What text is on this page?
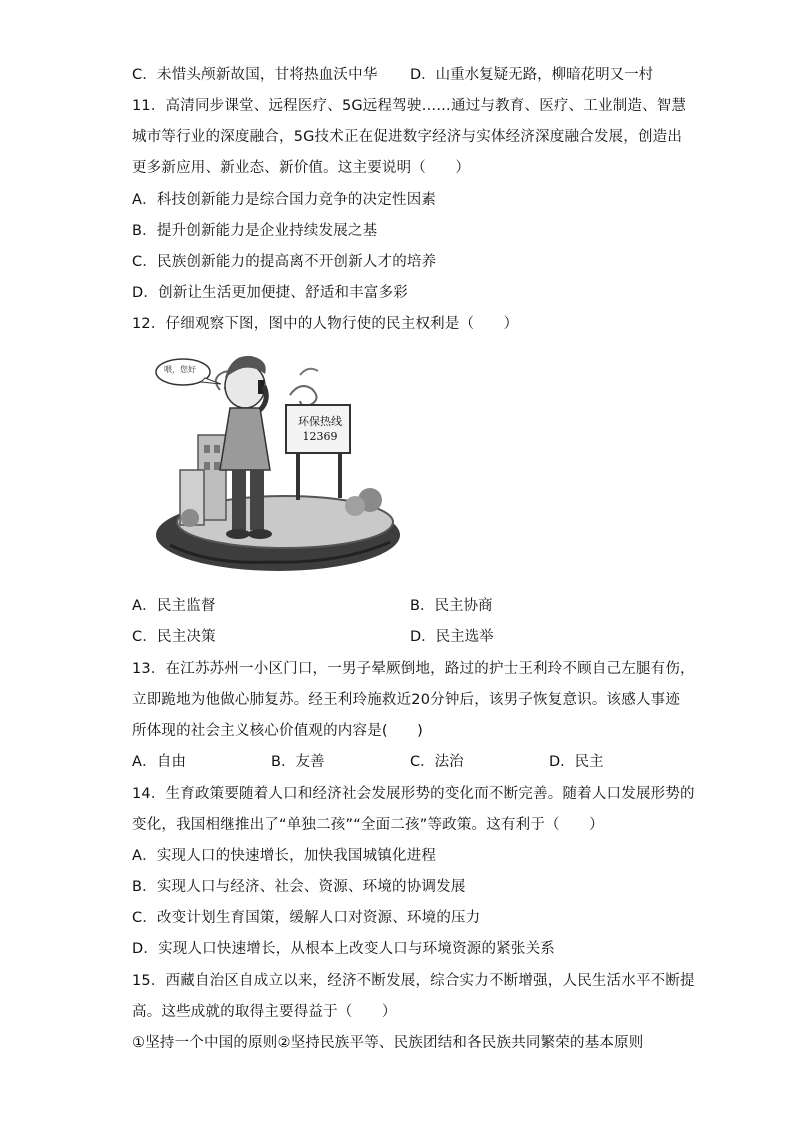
C．未惜头颅新故国，甘将热血沃中华 D．山重水复疑无路，柳暗花明又一村
11．高清同步课堂、远程医疗、5G远程驾驶……通过与教育、医疗、工业制造、智慧
城市等行业的深度融合，5G技术正在促进数字经济与实体经济深度融合发展，创造出
更多新应用、新业态、新价值。这主要说明（　　）
A．科技创新能力是综合国力竞争的决定性因素
B．提升创新能力是企业持续发展之基
C．民族创新能力的提高离不开创新人才的培养
D．创新让生活更加便捷、舒适和丰富多彩
12．仔细观察下图，图中的人物行使的民主权利是（　　）
喂，您好
环保热线
12369
A．民主监督	B．民主协商
C．民主决策	D．民主选举
13．在江苏苏州一小区门口，一男子晕厥倒地，路过的护士王利玲不顾自己左腿有伤，
立即跪地为他做心肺复苏。经王利玲施救近20分钟后，该男子恢复意识。该感人事迹
所体现的社会主义核心价值观的内容是(　　)
A．自由	B．友善	C．法治	D．民主
14．生育政策要随着人口和经济社会发展形势的变化而不断完善。随着人口发展形势的
变化，我国相继推出了“单独二孩”“全面二孩”等政策。这有利于（　　）
A．实现人口的快速增长，加快我国城镇化进程
B．实现人口与经济、社会、资源、环境的协调发展
C．改变计划生育国策，缓解人口对资源、环境的压力
D．实现人口快速增长，从根本上改变人口与环境资源的紧张关系
15．西藏自治区自成立以来，经济不断发展，综合实力不断增强，人民生活水平不断提
高。这些成就的取得主要得益于（　　）
①坚持一个中国的原则②坚持民族平等、民族团结和各民族共同繁荣的基本原则
